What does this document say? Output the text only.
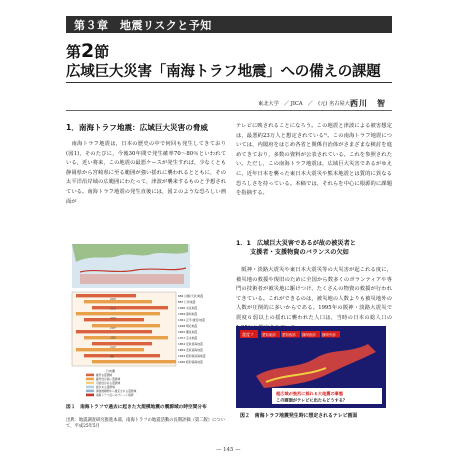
第３章　地震リスクと予知
第2節
広域巨大災害「南海トラフ地震」への備えの課題
東北大学　／ JICA　／　(元) 名古屋大学
西川　智
1．南海トラフ地震：広域巨大災害の脅威
　南海トラフ地震は，日本の歴史の中で何回も発生してきており(図1)，そのたびに，今後30年間で発生確率70〜80％といわれている，近い将来，この地震の最悪ケースが発生すれば，少なくとも静岡県から宮崎県に至る範囲が強い揺れに襲われるとともに，その太平洋沿岸域の広範囲にわたって，津波が襲来するものと予想されている。南海トラフ地震の発生直後には，図２のような恐ろしい画面が
テレビに映されることになろう。この地震と津波による被害想定は，最悪約23万人と想定されている¹⁾。この南海トラフ地震については，内閣府をはじめ各省と関係自治体がさまざまな検討を進めてきており，多数の資料が公表されている。これを参照されたい。ただし，この南海トラフ地震は，広域巨大災害であるがゆえに，近年日本を襲った東日本大震災や熊本地震とは質的に異なる恐ろしさを持っている。本稿では，それらを中心に根源的に課題を指摘する。
1．1　広域巨大災害であるが故の被災者と
支援者・支援物資のバランスの欠如
　阪神・淡路大震災や東日本大震災等の大災害が起これる度に，被災地の救援や復旧のために全国から数多くのボランティアや専門の技術者が被災地に駆けつけ，たくさんの物資の救援が行われてきている。これができるのは，被災地の人数よりも被災地外の人数が圧倒的に多いからである。1995年の阪神・淡路大震災で震度６弱以上の揺れに襲われた人口は，当時の日本の総人口の
203
212
137
107
102
147
90
日向灘
684 白鳳(天武)地震
887 仁和地震
1096 永長地震
1099 康和地震
1361 正平(康安)地震
1498 明応地震
1605 慶長地震
1707 宝永地震
1854 安政東海地震
1854 安政南海地震
1944 昭和東南海地震
1946 昭和南海地震
確実な震源域
確実性が高い震源域
可能性がある震源域
説がある震源域
津波堆積物から推定される震源域
南海トラフ沿いのプレート境界
図１　南海トラフで過去に起きた大規模地震の震源域の時空間分布
出典：地震調査研究推進本部，南海トラフの地震活動の長期評価（第二版）について，平成25年5月
震度７ 愛知東部 愛知西部 静岡西部 静岡中部
超広域が強烈に揺れる大地震の事態
この画面がテレビに出たらどうする？
図２　南海トラフ地震発生時に想定されるテレビ画面
— 145 —
